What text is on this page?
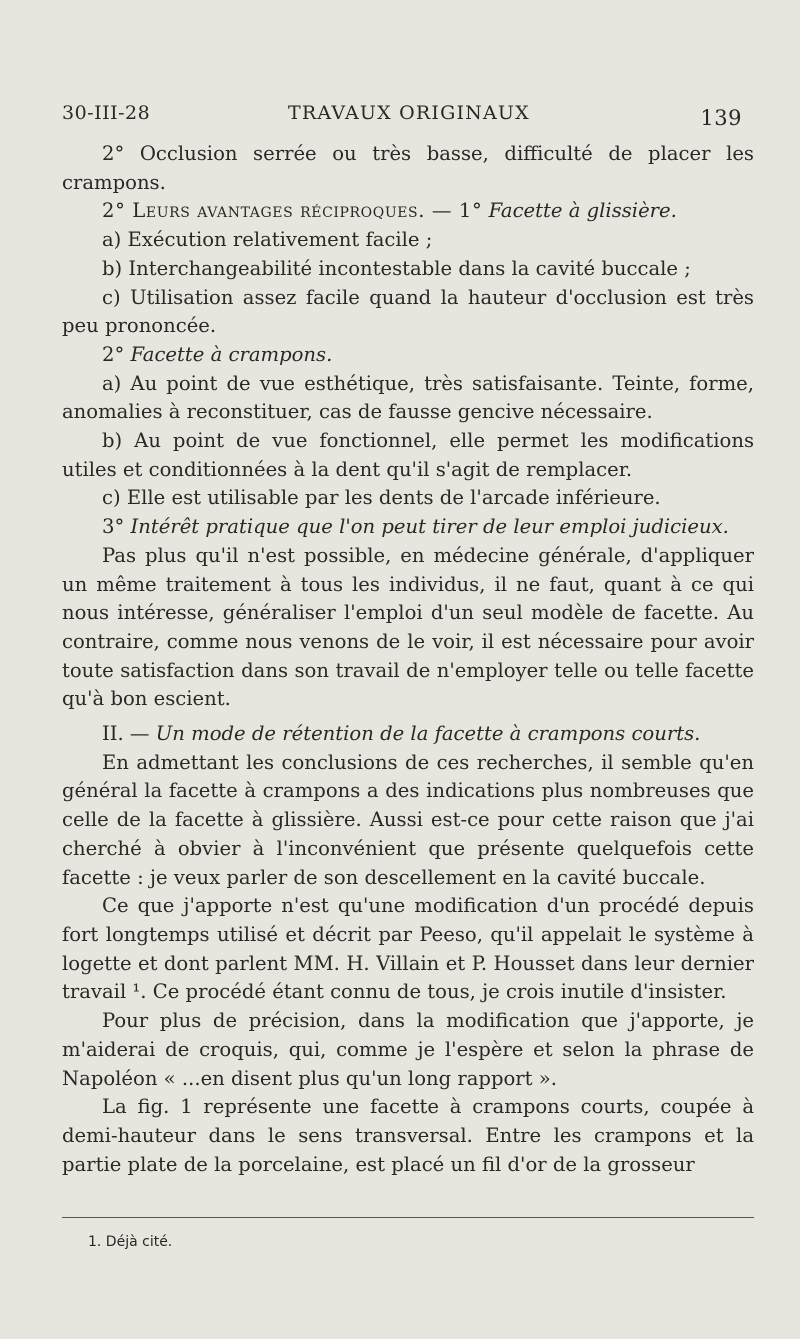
30-III-28	TRAVAUX ORIGINAUX	139

2° Occlusion serrée ou très basse, difficulté de placer les crampons.

2° Leurs avantages réciproques. — 1° Facette à glissière.

a) Exécution relativement facile ;

b) Interchangeabilité incontestable dans la cavité buccale ;

c) Utilisation assez facile quand la hauteur d'occlusion est très peu prononcée.

2° Facette à crampons.

a) Au point de vue esthétique, très satisfaisante. Teinte, forme, anomalies à reconstituer, cas de fausse gencive nécessaire.

b) Au point de vue fonctionnel, elle permet les modifications utiles et conditionnées à la dent qu'il s'agit de remplacer.

c) Elle est utilisable par les dents de l'arcade inférieure.

3° Intérêt pratique que l'on peut tirer de leur emploi judicieux.

Pas plus qu'il n'est possible, en médecine générale, d'appliquer un même traitement à tous les individus, il ne faut, quant à ce qui nous intéresse, généraliser l'emploi d'un seul modèle de facette. Au contraire, comme nous venons de le voir, il est nécessaire pour avoir toute satisfaction dans son travail de n'employer telle ou telle facette qu'à bon escient.

II. — Un mode de rétention de la facette à crampons courts.

En admettant les conclusions de ces recherches, il semble qu'en général la facette à crampons a des indications plus nombreuses que celle de la facette à glissière. Aussi est-ce pour cette raison que j'ai cherché à obvier à l'inconvénient que présente quelquefois cette facette : je veux parler de son descellement en la cavité buccale.

Ce que j'apporte n'est qu'une modification d'un procédé depuis fort longtemps utilisé et décrit par Peeso, qu'il appelait le système à logette et dont parlent MM. H. Villain et P. Housset dans leur dernier travail ¹. Ce procédé étant connu de tous, je crois inutile d'insister.

Pour plus de précision, dans la modification que j'apporte, je m'aiderai de croquis, qui, comme je l'espère et selon la phrase de Napoléon « ...en disent plus qu'un long rapport ».

La fig. 1 représente une facette à crampons courts, coupée à demi-hauteur dans le sens transversal. Entre les crampons et la partie plate de la porcelaine, est placé un fil d'or de la grosseur

1. Déjà cité.
